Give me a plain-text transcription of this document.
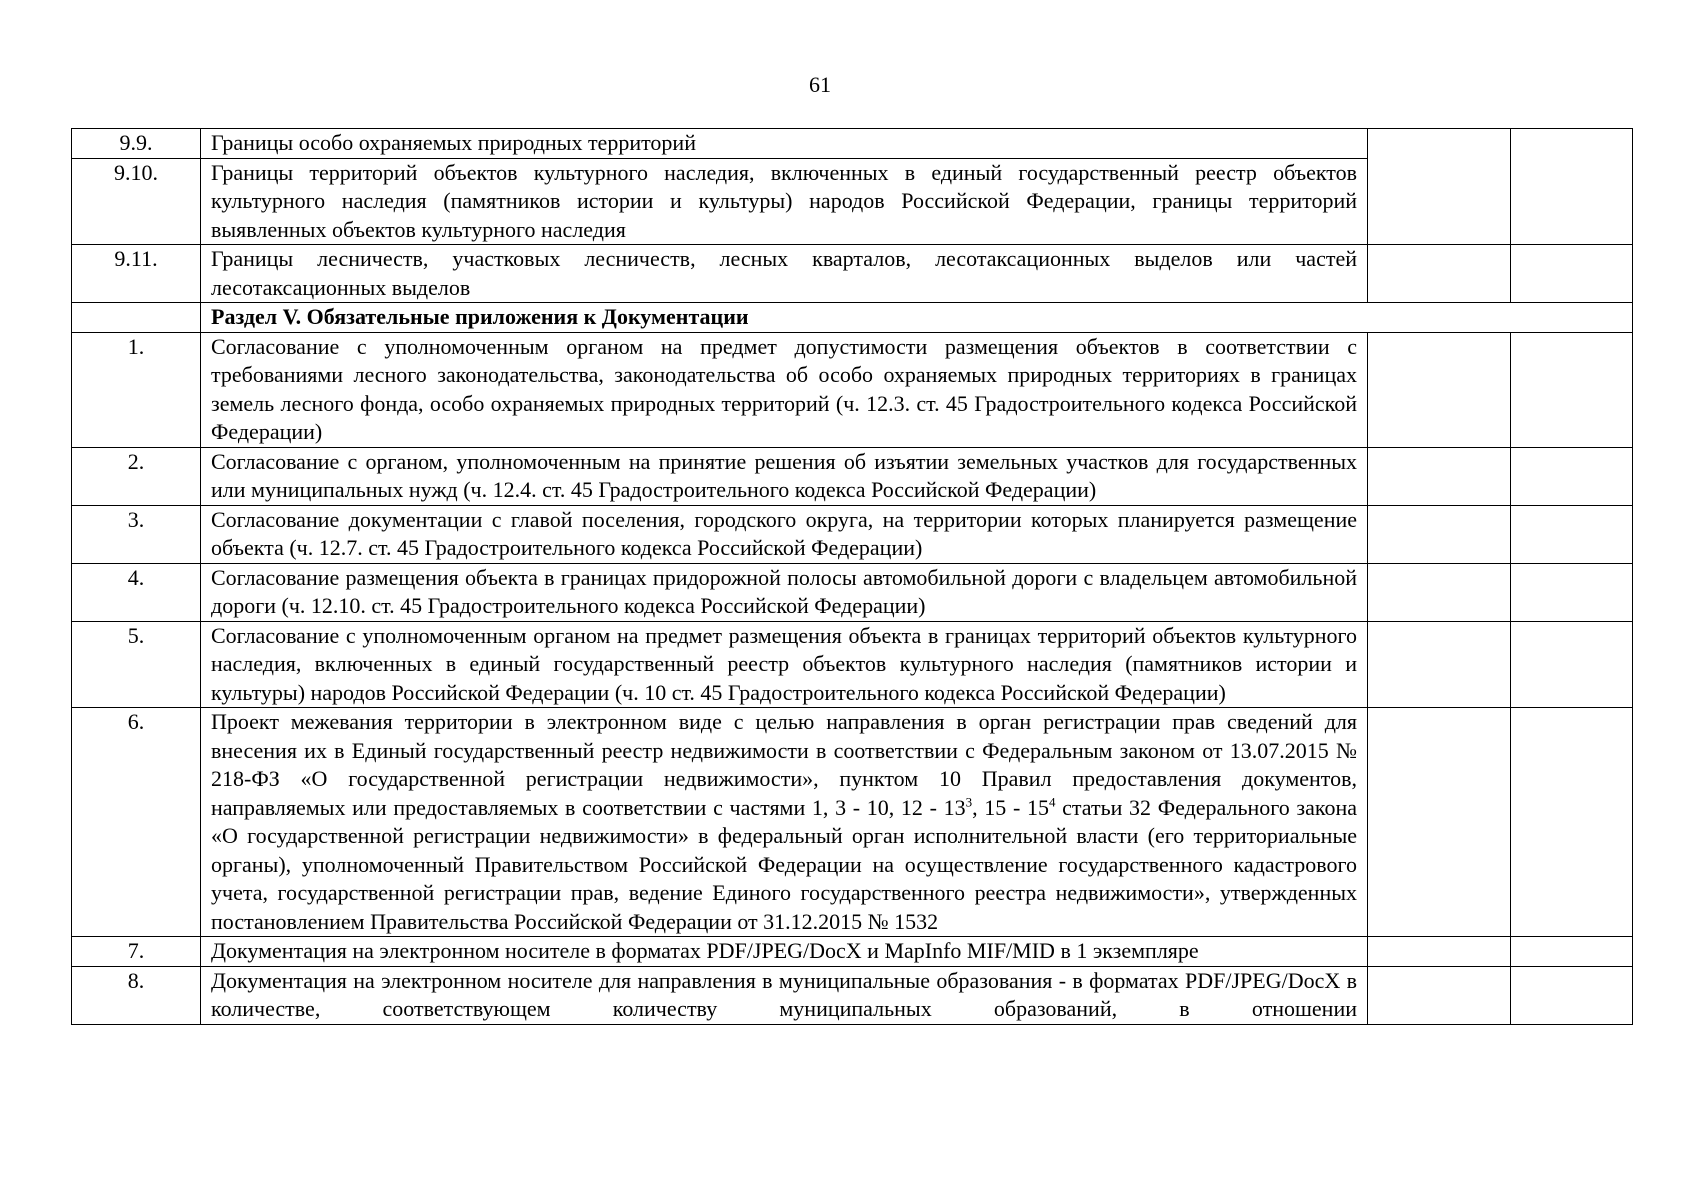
61
9.9.	Границы особо охраняемых природных территорий		
9.10.	Границы территорий объектов культурного наследия, включенных в единый государственный реестр объектов культурного наследия (памятников истории и культуры) народов Российской Федерации, границы территорий выявленных объектов культурного наследия		
9.11.	Границы лесничеств, участковых лесничеств, лесных кварталов, лесотаксационных выделов или частей лесотаксационных выделов		
	Раздел V. Обязательные приложения к Документации		
1.	Согласование с уполномоченным органом на предмет допустимости размещения объектов в соответствии с требованиями лесного законодательства, законодательства об особо охраняемых природных территориях в границах земель лесного фонда, особо охраняемых природных территорий (ч. 12.3. ст. 45 Градостроительного кодекса Российской Федерации)		
2.	Согласование с органом, уполномоченным на принятие решения об изъятии земельных участков для государственных или муниципальных нужд (ч. 12.4. ст. 45 Градостроительного кодекса Российской Федерации)		
3.	Согласование документации с главой поселения, городского округа, на территории которых планируется размещение объекта (ч. 12.7. ст. 45 Градостроительного кодекса Российской Федерации)		
4.	Согласование размещения объекта в границах придорожной полосы автомобильной дороги с владельцем автомобильной дороги (ч. 12.10. ст. 45 Градостроительного кодекса Российской Федерации)		
5.	Согласование с уполномоченным органом на предмет размещения объекта в границах территорий объектов культурного наследия, включенных в единый государственный реестр объектов культурного наследия (памятников истории и культуры) народов Российской Федерации (ч. 10 ст. 45 Градостроительного кодекса Российской Федерации)		
6.	Проект межевания территории в электронном виде с целью направления в орган регистрации прав сведений для внесения их в Единый государственный реестр недвижимости в соответствии с Федеральным законом от 13.07.2015 № 218-ФЗ «О государственной регистрации недвижимости», пунктом 10 Правил предоставления документов, направляемых или предоставляемых в соответствии с частями 1, 3 - 10, $12 - 13^3$, $15 - 15^4$ статьи 32 Федерального закона «О государственной регистрации недвижимости» в федеральный орган исполнительной власти (его территориальные органы), уполномоченный Правительством Российской Федерации на осуществление государственного кадастрового учета, государственной регистрации прав, ведение Единого государственного реестра недвижимости», утвержденных постановлением Правительства Российской Федерации от 31.12.2015 № 1532		
7.	Документация на электронном носителе в форматах PDF/JPEG/DocX и MapInfo MIF/MID в 1 экземпляре		
8.	Документация на электронном носителе для направления в муниципальные образования - в форматах PDF/JPEG/DocX в количестве, соответствующем количеству муниципальных образований, в отношении		
